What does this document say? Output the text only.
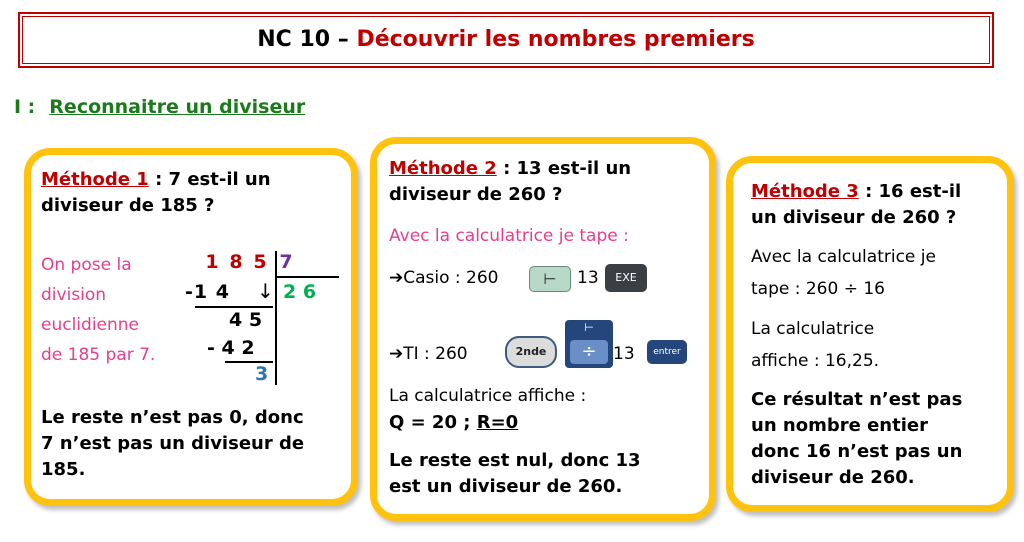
NC 10 – Découvrir les nombres premiers
I : Reconnaitre un diviseur
Méthode 1 : 7 est-il un
diviseur de 185 ?
On pose la
division
euclidienne
de 185 par 7.
1 8 5 7
-1 4 ↓ 2 6
4 5
- 4 2
3
Le reste n’est pas 0, donc
7 n’est pas un diviseur de
185.
Méthode 2 : 13 est-il un
diviseur de 260 ?
Avec la calculatrice je tape :
➔Casio : 260	⊢	13	EXE
➔TI : 260	2nde
⊢
÷ 13	entrer
La calculatrice affiche :
Q = 20 ; R=0
Le reste est nul, donc 13
est un diviseur de 260.
Méthode 3 : 16 est-il
un diviseur de 260 ?
Avec la calculatrice je
tape : 260 ÷ 16
La calculatrice
affiche : 16,25.
Ce résultat n’est pas
un nombre entier
donc 16 n’est pas un
diviseur de 260.
